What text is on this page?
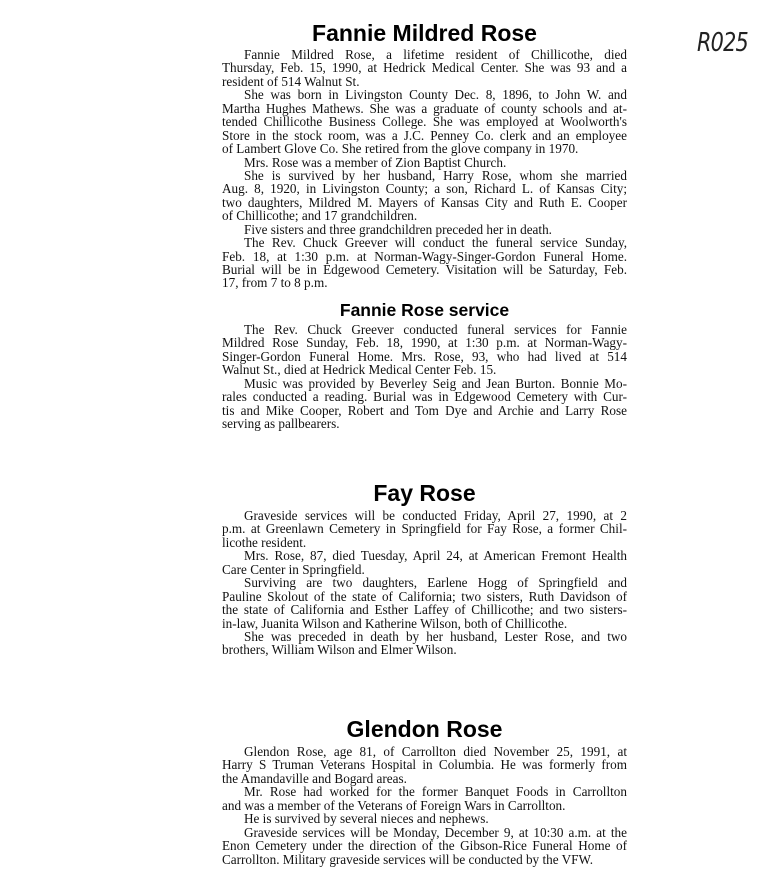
R025
Fannie Mildred Rose
Fannie Mildred Rose, a lifetime resident of Chillicothe, died
Thursday, Feb. 15, 1990, at Hedrick Medical Center. She was 93 and a
resident of 514 Walnut St.
She was born in Livingston County Dec. 8, 1896, to John W. and
Martha Hughes Mathews. She was a graduate of county schools and at-
tended Chillicothe Business College. She was employed at Woolworth's
Store in the stock room, was a J.C. Penney Co. clerk and an employee
of Lambert Glove Co. She retired from the glove company in 1970.
Mrs. Rose was a member of Zion Baptist Church.
She is survived by her husband, Harry Rose, whom she married
Aug. 8, 1920, in Livingston County; a son, Richard L. of Kansas City;
two daughters, Mildred M. Mayers of Kansas City and Ruth E. Cooper
of Chillicothe; and 17 grandchildren.
Five sisters and three grandchildren preceded her in death.
The Rev. Chuck Greever will conduct the funeral service Sunday,
Feb. 18, at 1:30 p.m. at Norman-Wagy-Singer-Gordon Funeral Home.
Burial will be in Edgewood Cemetery. Visitation will be Saturday, Feb.
17, from 7 to 8 p.m.
Fannie Rose service
The Rev. Chuck Greever conducted funeral services for Fannie
Mildred Rose Sunday, Feb. 18, 1990, at 1:30 p.m. at Norman-Wagy-
Singer-Gordon Funeral Home. Mrs. Rose, 93, who had lived at 514
Walnut St., died at Hedrick Medical Center Feb. 15.
Music was provided by Beverley Seig and Jean Burton. Bonnie Mo-
rales conducted a reading. Burial was in Edgewood Cemetery with Cur-
tis and Mike Cooper, Robert and Tom Dye and Archie and Larry Rose
serving as pallbearers.
Fay Rose
Graveside services will be conducted Friday, April 27, 1990, at 2
p.m. at Greenlawn Cemetery in Springfield for Fay Rose, a former Chil-
licothe resident.
Mrs. Rose, 87, died Tuesday, April 24, at American Fremont Health
Care Center in Springfield.
Surviving are two daughters, Earlene Hogg of Springfield and
Pauline Skolout of the state of California; two sisters, Ruth Davidson of
the state of California and Esther Laffey of Chillicothe; and two sisters-
in-law, Juanita Wilson and Katherine Wilson, both of Chillicothe.
She was preceded in death by her husband, Lester Rose, and two
brothers, William Wilson and Elmer Wilson.
Glendon Rose
Glendon Rose, age 81, of Carrollton died November 25, 1991, at
Harry S Truman Veterans Hospital in Columbia. He was formerly from
the Amandaville and Bogard areas.
Mr. Rose had worked for the former Banquet Foods in Carrollton
and was a member of the Veterans of Foreign Wars in Carrollton.
He is survived by several nieces and nephews.
Graveside services will be Monday, December 9, at 10:30 a.m. at the
Enon Cemetery under the direction of the Gibson-Rice Funeral Home of
Carrollton. Military graveside services will be conducted by the VFW.
